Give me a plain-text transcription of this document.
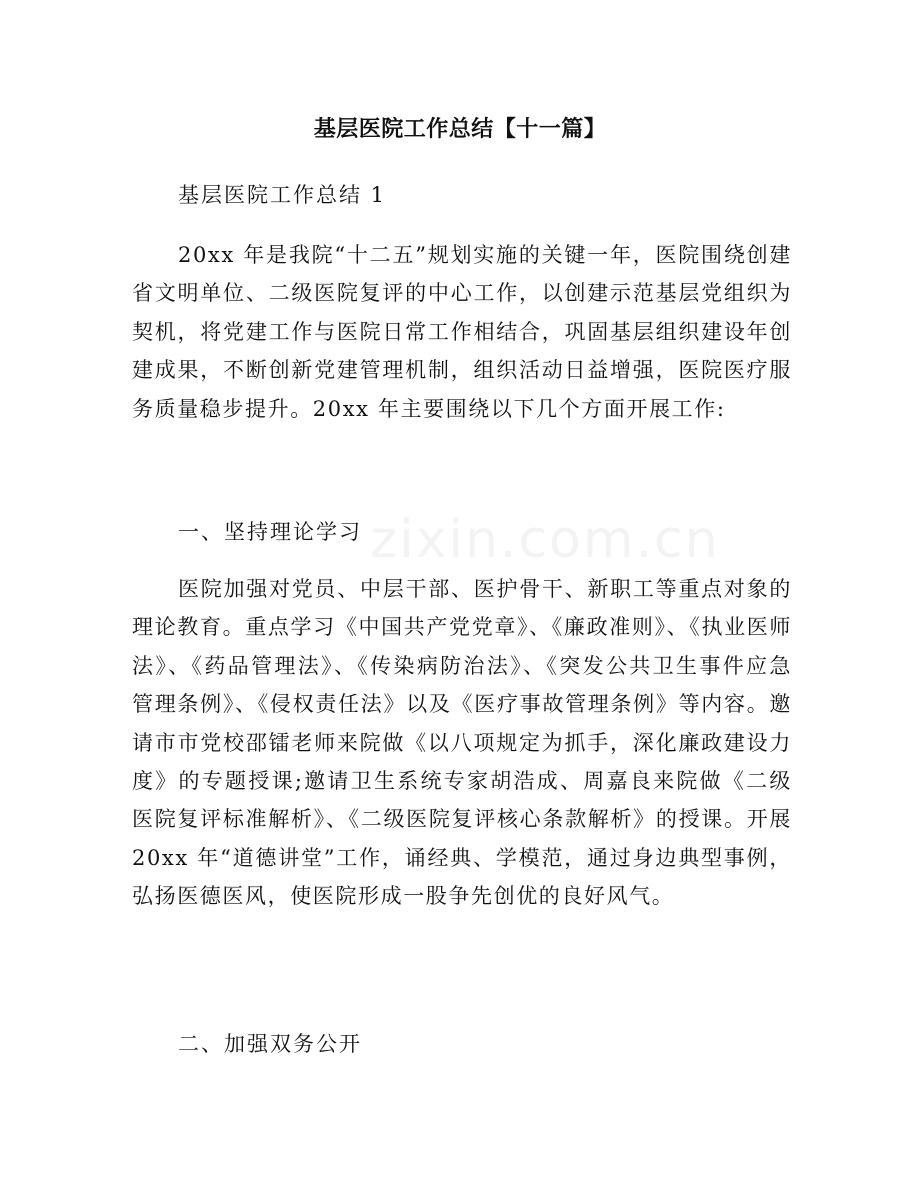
zixin.com.cn
基层医院工作总结【十一篇】
基层医院工作总结 1
20xx 年是我院“十二五”规划实施的关键一年，医院围绕创建省文明单位、二级医院复评的中心工作，以创建示范基层党组织为契机，将党建工作与医院日常工作相结合，巩固基层组织建设年创建成果，不断创新党建管理机制，组织活动日益增强，医院医疗服务质量稳步提升。20xx 年主要围绕以下几个方面开展工作:
一、坚持理论学习
医院加强对党员、中层干部、医护骨干、新职工等重点对象的理论教育。重点学习《中国共产党党章》、《廉政准则》、《执业医师法》、《药品管理法》、《传染病防治法》、《突发公共卫生事件应急管理条例》、《侵权责任法》以及《医疗事故管理条例》等内容。邀请市市党校邵镭老师来院做《以八项规定为抓手，深化廉政建设力度》的专题授课;邀请卫生系统专家胡浩成、周嘉良来院做《二级医院复评标准解析》、《二级医院复评核心条款解析》的授课。开展 20xx 年“道德讲堂”工作，诵经典、学模范，通过身边典型事例，弘扬医德医风，使医院形成一股争先创优的良好风气。
二、加强双务公开
